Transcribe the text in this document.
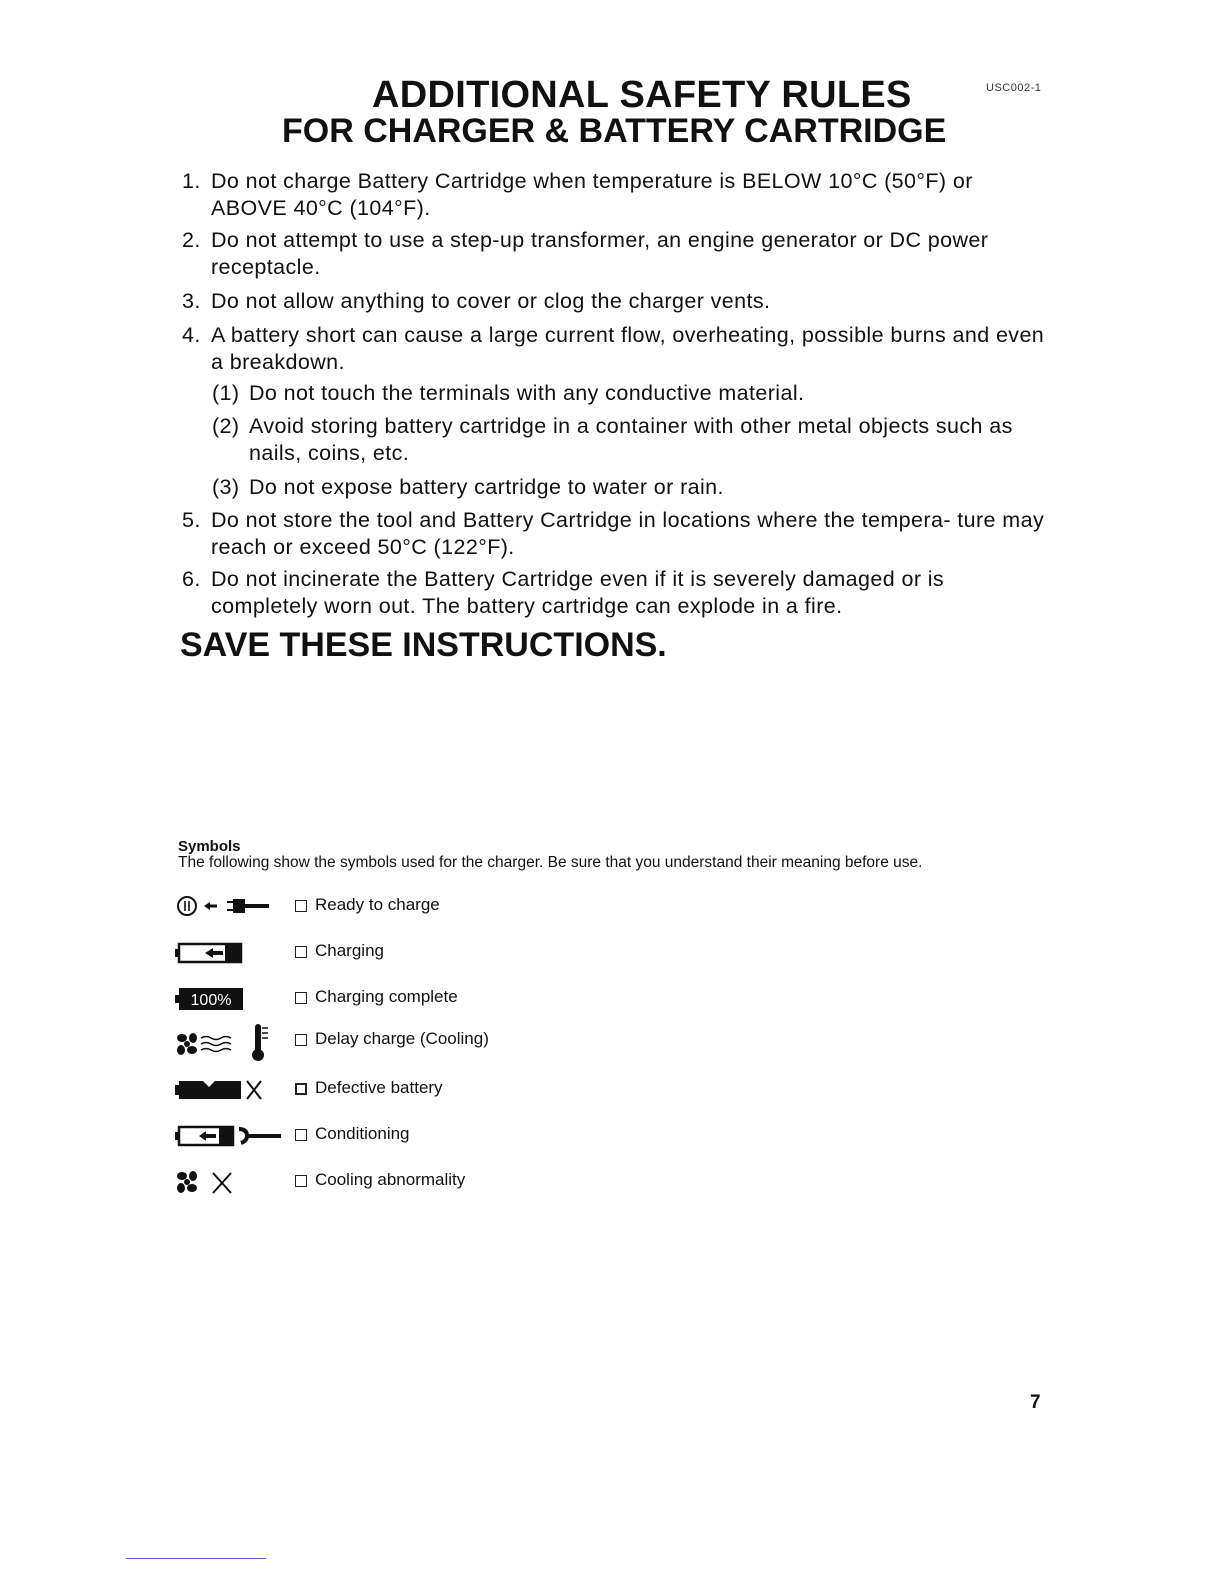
ADDITIONAL SAFETY RULES	USC002-1
FOR CHARGER & BATTERY CARTRIDGE
1. Do not charge Battery Cartridge when temperature is BELOW 10°C (50°F) or ABOVE 40°C (104°F).
2. Do not attempt to use a step-up transformer, an engine generator or DC power receptacle.
3. Do not allow anything to cover or clog the charger vents.
4. A battery short can cause a large current flow, overheating, possible burns and even a breakdown.
(1) Do not touch the terminals with any conductive material.
(2) Avoid storing battery cartridge in a container with other metal objects such as nails, coins, etc.
(3) Do not expose battery cartridge to water or rain.
5. Do not store the tool and Battery Cartridge in locations where the tempera- ture may reach or exceed 50°C (122°F).
6. Do not incinerate the Battery Cartridge even if it is severely damaged or is completely worn out. The battery cartridge can explode in a fire.
SAVE THESE INSTRUCTIONS.
Symbols
The following show the symbols used for the charger. Be sure that you understand their meaning before use.
Ready to charge
Charging
100%	Charging complete
Delay charge (Cooling)
Defective battery
Conditioning
Cooling abnormality
7
